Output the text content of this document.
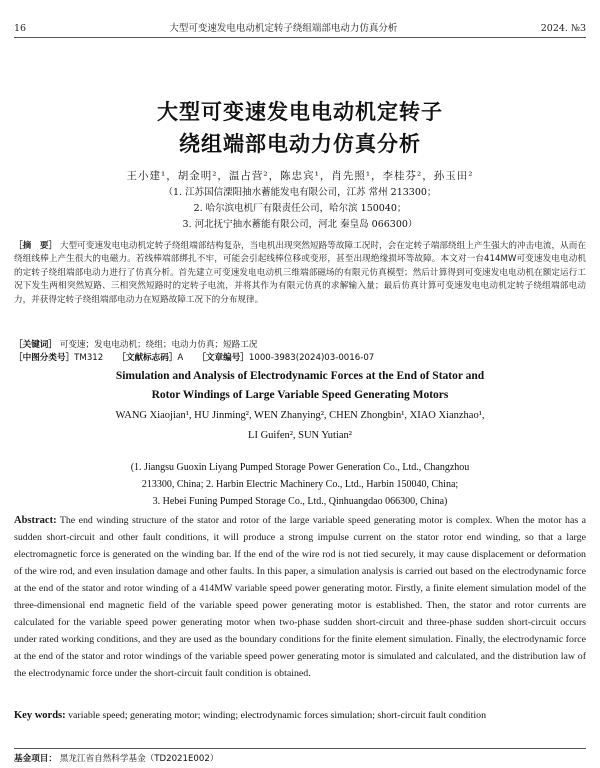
16	大型可变速发电电动机定转子绕组端部电动力仿真分析	2024. №3
大型可变速发电电动机定转子
绕组端部电动力仿真分析
王小建¹，胡金明²，温占营²，陈忠宾¹，肖先照¹，李桂芬²，孙玉田²
（1. 江苏国信溧阳抽水蓄能发电有限公司，江苏 常州 213300；
2. 哈尔滨电机厂有限责任公司，哈尔滨 150040；
3. 河北抚宁抽水蓄能有限公司，河北 秦皇岛 066300）
［摘　要］ 大型可变速发电电动机定转子绕组端部结构复杂，当电机出现突然短路等故障工况时，会在定转子端部绕组上产生强大的冲击电流，从而在绕组线棒上产生很大的电磁力。若线棒端部绑扎不牢，可能会引起线棒位移或变形，甚至出现绝缘损坏等故障。本文对一台414MW可变速发电电动机的定转子绕组端部电动力进行了仿真分析。首先建立可变速发电电动机三维端部磁场的有限元仿真模型；然后计算得到可变速发电电动机在额定运行工况下发生两相突然短路、三相突然短路时的定转子电流，并将其作为有限元仿真的求解输入量；最后仿真计算可变速发电电动机定转子绕组端部电动力，并获得定转子绕组端部电动力在短路故障工况下的分布规律。
［关键词］ 可变速；发电电动机；绕组；电动力仿真；短路工况
［中图分类号］TM312 ［文献标志码］A ［文章编号］1000-3983(2024)03-0016-07
Simulation and Analysis of Electrodynamic Forces at the End of Stator and
Rotor Windings of Large Variable Speed Generating Motors
WANG Xiaojian¹, HU Jinming², WEN Zhanying², CHEN Zhongbin¹, XIAO Xianzhao¹,
LI Guifen², SUN Yutian²
(1. Jiangsu Guoxin Liyang Pumped Storage Power Generation Co., Ltd., Changzhou
213300, China; 2. Harbin Electric Machinery Co., Ltd., Harbin 150040, China;
3. Hebei Funing Pumped Storage Co., Ltd., Qinhuangdao 066300, China)
Abstract: The end winding structure of the stator and rotor of the large variable speed generating motor is complex. When the motor has a sudden short-circuit and other fault conditions, it will produce a strong impulse current on the stator rotor end winding, so that a large electromagnetic force is generated on the winding bar. If the end of the wire rod is not tied securely, it may cause displacement or deformation of the wire rod, and even insulation damage and other faults. In this paper, a simulation analysis is carried out based on the electrodynamic force at the end of the stator and rotor winding of a 414MW variable speed power generating motor. Firstly, a finite element simulation model of the three-dimensional end magnetic field of the variable speed power generating motor is established. Then, the stator and rotor currents are calculated for the variable speed power generating motor when two-phase sudden short-circuit and three-phase sudden short-circuit occurs under rated working conditions, and they are used as the boundary conditions for the finite element simulation. Finally, the electrodynamic force at the end of the stator and rotor windings of the variable speed power generating motor is simulated and calculated, and the distribution law of the electrodynamic force under the short-circuit fault condition is obtained.
Key words: variable speed; generating motor; winding; electrodynamic forces simulation; short-circuit fault condition
基金项目： 黑龙江省自然科学基金（TD2021E002）
